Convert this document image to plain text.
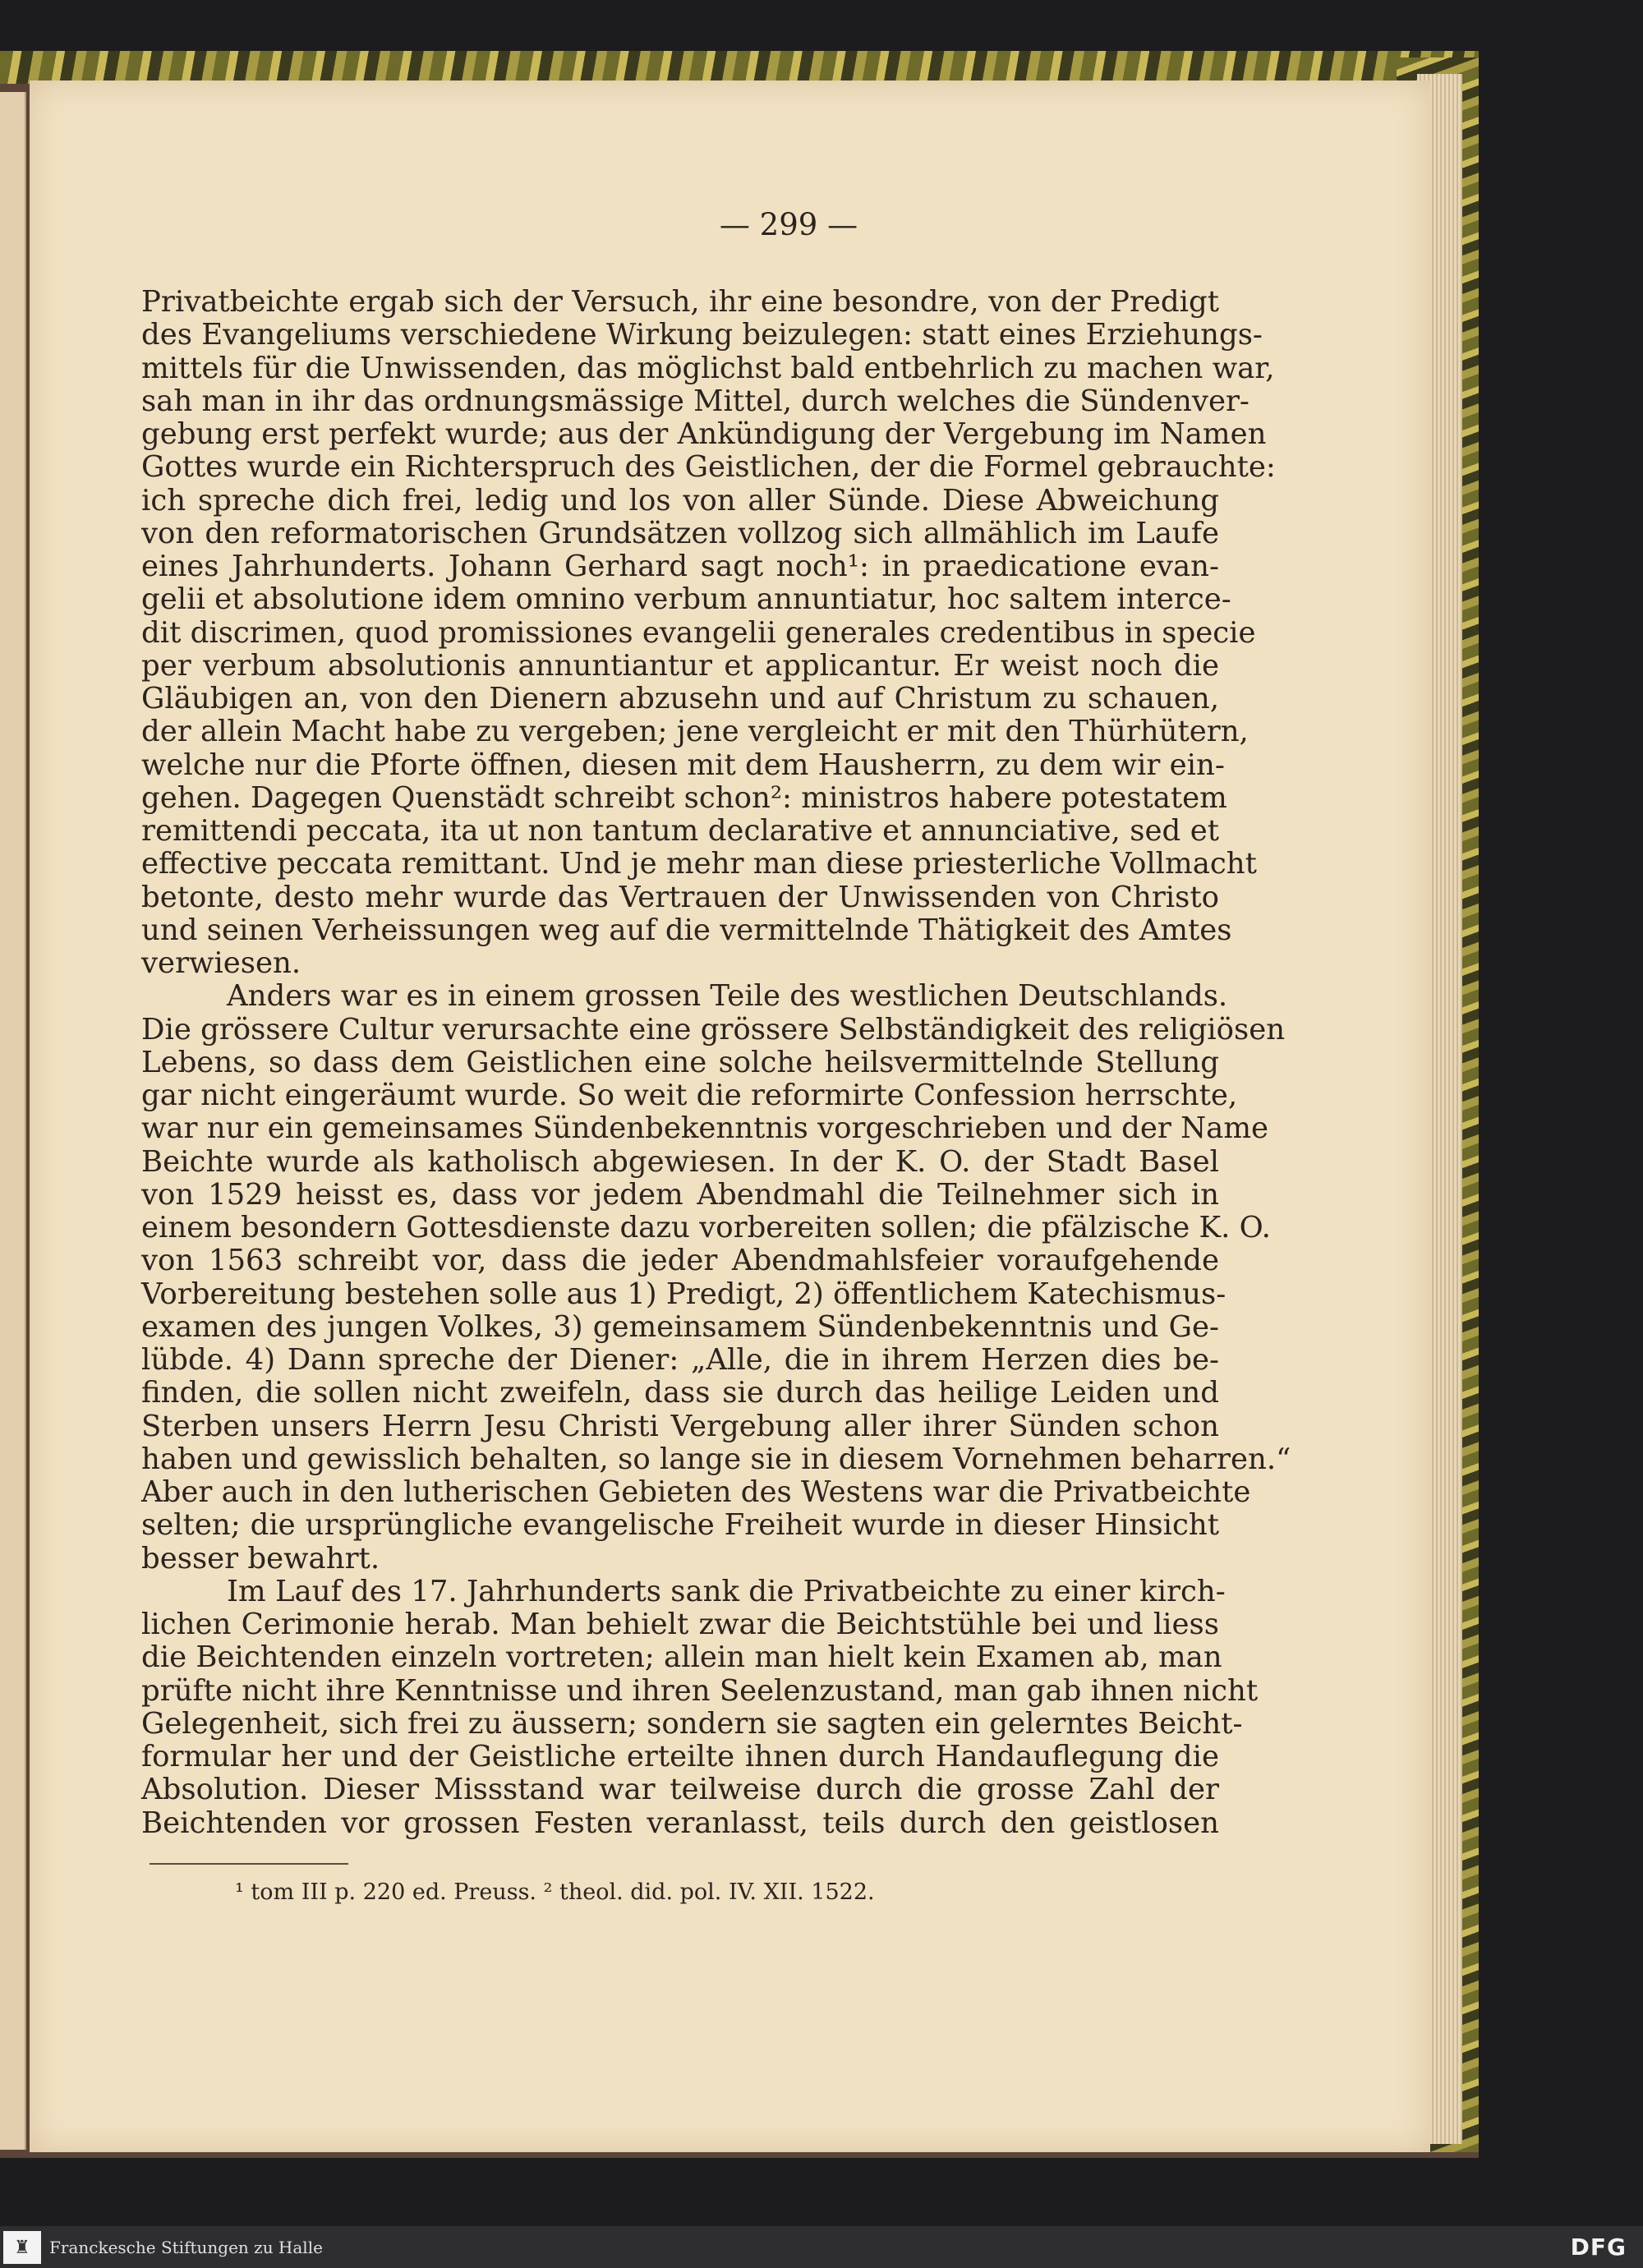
— 299 —
Privatbeichte ergab sich der Versuch, ihr eine besondre, von der Predigt
des Evangeliums verschiedene Wirkung beizulegen: statt eines Erziehungs-
mittels für die Unwissenden, das möglichst bald entbehrlich zu machen war,
sah man in ihr das ordnungsmässige Mittel, durch welches die Sündenver-
gebung erst perfekt wurde; aus der Ankündigung der Vergebung im Namen
Gottes wurde ein Richterspruch des Geistlichen, der die Formel gebrauchte:
ich spreche dich frei, ledig und los von aller Sünde. Diese Abweichung
von den reformatorischen Grundsätzen vollzog sich allmählich im Laufe
eines Jahrhunderts. Johann Gerhard sagt noch¹: in praedicatione evan-
gelii et absolutione idem omnino verbum annuntiatur, hoc saltem interce-
dit discrimen, quod promissiones evangelii generales credentibus in specie
per verbum absolutionis annuntiantur et applicantur. Er weist noch die
Gläubigen an, von den Dienern abzusehn und auf Christum zu schauen,
der allein Macht habe zu vergeben; jene vergleicht er mit den Thürhütern,
welche nur die Pforte öffnen, diesen mit dem Hausherrn, zu dem wir ein-
gehen. Dagegen Quenstädt schreibt schon²: ministros habere potestatem
remittendi peccata, ita ut non tantum declarative et annunciative, sed et
effective peccata remittant. Und je mehr man diese priesterliche Vollmacht
betonte, desto mehr wurde das Vertrauen der Unwissenden von Christo
und seinen Verheissungen weg auf die vermittelnde Thätigkeit des Amtes
verwiesen.
Anders war es in einem grossen Teile des westlichen Deutschlands.
Die grössere Cultur verursachte eine grössere Selbständigkeit des religiösen
Lebens, so dass dem Geistlichen eine solche heilsvermittelnde Stellung
gar nicht eingeräumt wurde. So weit die reformirte Confession herrschte,
war nur ein gemeinsames Sündenbekenntnis vorgeschrieben und der Name
Beichte wurde als katholisch abgewiesen. In der K. O. der Stadt Basel
von 1529 heisst es, dass vor jedem Abendmahl die Teilnehmer sich in
einem besondern Gottesdienste dazu vorbereiten sollen; die pfälzische K. O.
von 1563 schreibt vor, dass die jeder Abendmahlsfeier voraufgehende
Vorbereitung bestehen solle aus 1) Predigt, 2) öffentlichem Katechismus-
examen des jungen Volkes, 3) gemeinsamem Sündenbekenntnis und Ge-
lübde. 4) Dann spreche der Diener: „Alle, die in ihrem Herzen dies be-
finden, die sollen nicht zweifeln, dass sie durch das heilige Leiden und
Sterben unsers Herrn Jesu Christi Vergebung aller ihrer Sünden schon
haben und gewisslich behalten, so lange sie in diesem Vornehmen beharren.“
Aber auch in den lutherischen Gebieten des Westens war die Privatbeichte
selten; die ursprüngliche evangelische Freiheit wurde in dieser Hinsicht
besser bewahrt.
Im Lauf des 17. Jahrhunderts sank die Privatbeichte zu einer kirch-
lichen Cerimonie herab. Man behielt zwar die Beichtstühle bei und liess
die Beichtenden einzeln vortreten; allein man hielt kein Examen ab, man
prüfte nicht ihre Kenntnisse und ihren Seelenzustand, man gab ihnen nicht
Gelegenheit, sich frei zu äussern; sondern sie sagten ein gelerntes Beicht-
formular her und der Geistliche erteilte ihnen durch Handauflegung die
Absolution. Dieser Missstand war teilweise durch die grosse Zahl der
Beichtenden vor grossen Festen veranlasst, teils durch den geistlosen
¹ tom III p. 220 ed. Preuss. ² theol. did. pol. IV. XII. 1522.
♜ Franckesche Stiftungen zu Halle	DFG
